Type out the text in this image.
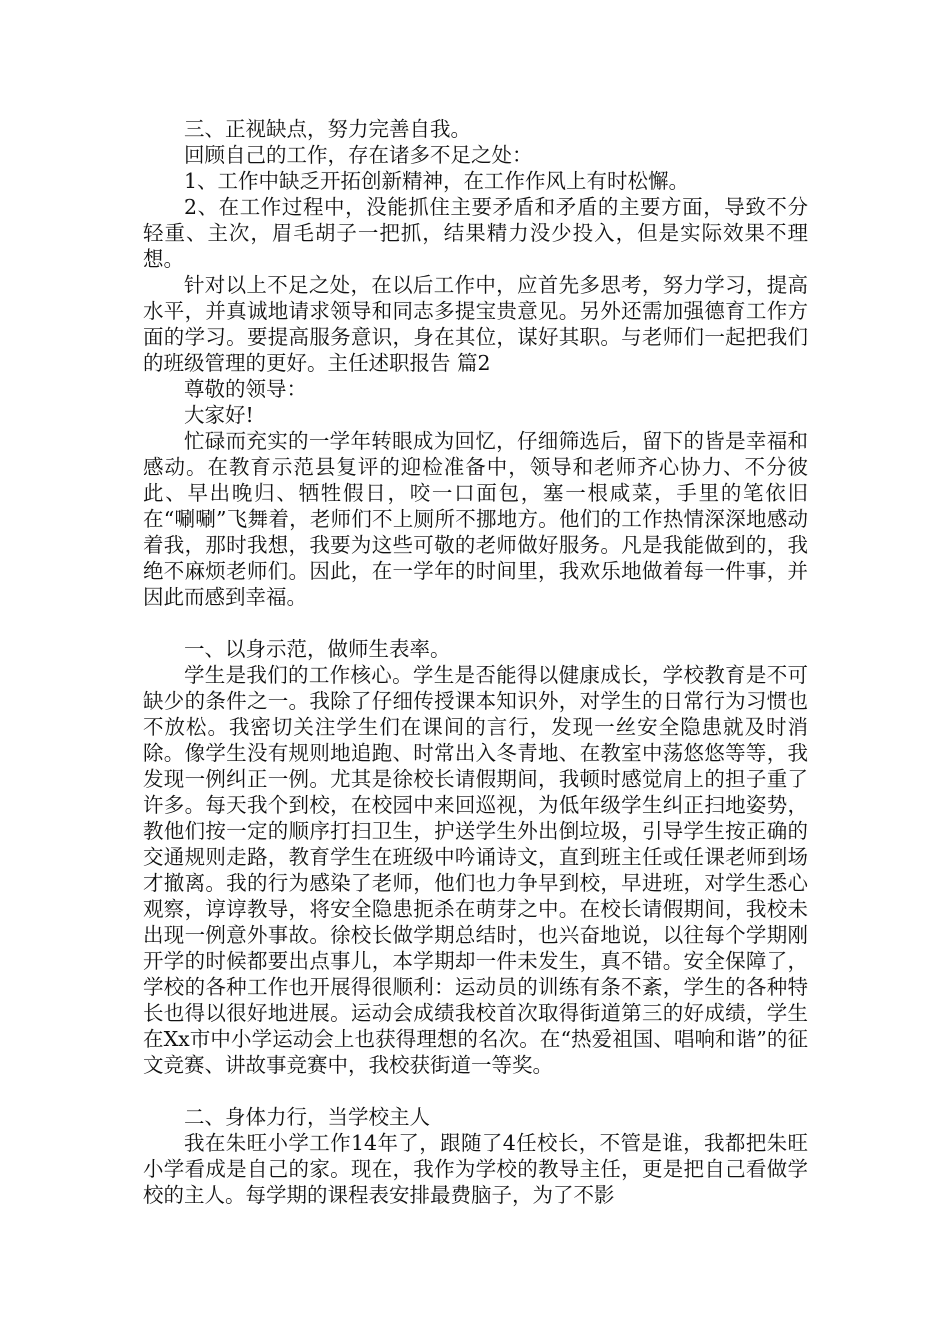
三、正视缺点，努力完善自我。

回顾自己的工作，存在诸多不足之处：

1、工作中缺乏开拓创新精神，在工作作风上有时松懈。

2、在工作过程中，没能抓住主要矛盾和矛盾的主要方面，导致不分轻重、主次，眉毛胡子一把抓，结果精力没少投入，但是实际效果不理想。

针对以上不足之处，在以后工作中，应首先多思考，努力学习，提高水平，并真诚地请求领导和同志多提宝贵意见。另外还需加强德育工作方面的学习。要提高服务意识，身在其位，谋好其职。与老师们一起把我们的班级管理的更好。主任述职报告 篇2

尊敬的领导：

大家好!

忙碌而充实的一学年转眼成为回忆，仔细筛选后，留下的皆是幸福和感动。在教育示范县复评的迎检准备中，领导和老师齐心协力、不分彼此、早出晚归、牺牲假日，咬一口面包，塞一根咸菜，手里的笔依旧在“唰唰”飞舞着，老师们不上厕所不挪地方。他们的工作热情深深地感动着我，那时我想，我要为这些可敬的老师做好服务。凡是我能做到的，我绝不麻烦老师们。因此，在一学年的时间里，我欢乐地做着每一件事，并因此而感到幸福。

一、以身示范，做师生表率。

学生是我们的工作核心。学生是否能得以健康成长，学校教育是不可缺少的条件之一。我除了仔细传授课本知识外，对学生的日常行为习惯也不放松。我密切关注学生们在课间的言行，发现一丝安全隐患就及时消除。像学生没有规则地追跑、时常出入冬青地、在教室中荡悠悠等等，我发现一例纠正一例。尤其是徐校长请假期间，我顿时感觉肩上的担子重了许多。每天我个到校，在校园中来回巡视，为低年级学生纠正扫地姿势，教他们按一定的顺序打扫卫生，护送学生外出倒垃圾，引导学生按正确的交通规则走路，教育学生在班级中吟诵诗文，直到班主任或任课老师到场才撤离。我的行为感染了老师，他们也力争早到校，早进班，对学生悉心观察，谆谆教导，将安全隐患扼杀在萌芽之中。在校长请假期间，我校未出现一例意外事故。徐校长做学期总结时，也兴奋地说，以往每个学期刚开学的时候都要出点事儿，本学期却一件未发生，真不错。安全保障了，学校的各种工作也开展得很顺利：运动员的训练有条不紊，学生的各种特长也得以很好地进展。运动会成绩我校首次取得街道第三的好成绩，学生在Xx市中小学运动会上也获得理想的名次。在“热爱祖国、唱响和谐”的征文竞赛、讲故事竞赛中，我校获街道一等奖。

二、身体力行，当学校主人

我在朱旺小学工作14年了，跟随了4任校长，不管是谁，我都把朱旺小学看成是自己的家。现在，我作为学校的教导主任，更是把自己看做学校的主人。每学期的课程表安排最费脑子，为了不影
